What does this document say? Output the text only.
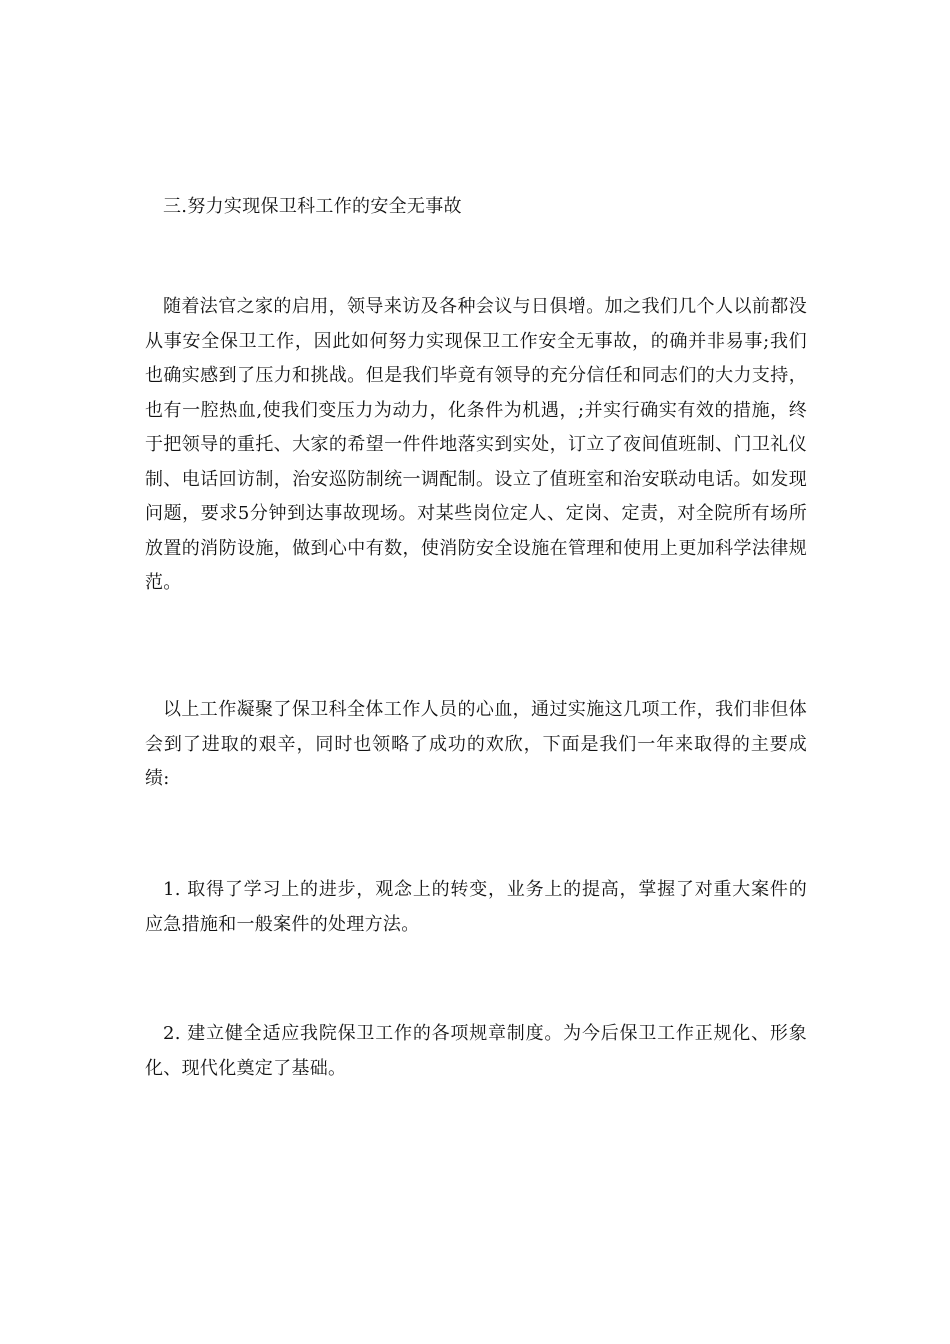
三.努力实现保卫科工作的安全无事故

随着法官之家的启用，领导来访及各种会议与日俱增。加之我们几个人以前都没从事安全保卫工作，因此如何努力实现保卫工作安全无事故，的确并非易事;我们也确实感到了压力和挑战。但是我们毕竟有领导的充分信任和同志们的大力支持，也有一腔热血,使我们变压力为动力，化条件为机遇，;并实行确实有效的措施，终于把领导的重托、大家的希望一件件地落实到实处，订立了夜间值班制、门卫礼仪制、电话回访制，治安巡防制统一调配制。设立了值班室和治安联动电话。如发现问题，要求5分钟到达事故现场。对某些岗位定人、定岗、定责，对全院所有场所放置的消防设施，做到心中有数，使消防安全设施在管理和使用上更加科学法律规范。

以上工作凝聚了保卫科全体工作人员的心血，通过实施这几项工作，我们非但体会到了进取的艰辛，同时也领略了成功的欢欣，下面是我们一年来取得的主要成绩:

1. 取得了学习上的进步，观念上的转变，业务上的提高，掌握了对重大案件的应急措施和一般案件的处理方法。

2. 建立健全适应我院保卫工作的各项规章制度。为今后保卫工作正规化、形象化、现代化奠定了基础。
